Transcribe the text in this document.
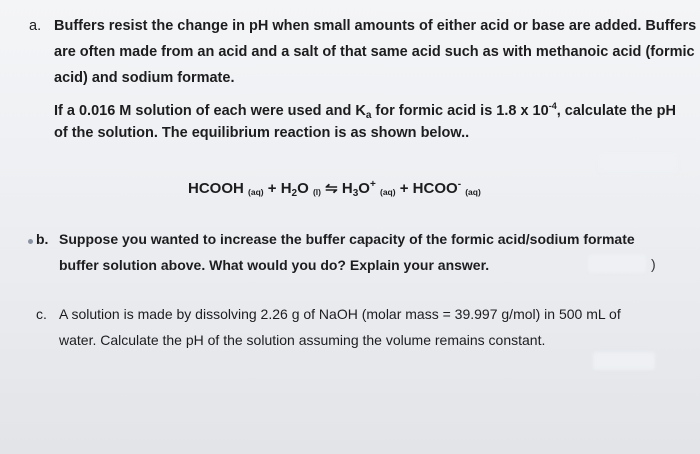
a. Buffers resist the change in pH when small amounts of either acid or base are added. Buffers
are often made from an acid and a salt of that same acid such as with methanoic acid (formic
acid) and sodium formate.
If a 0.016 M solution of each were used and $K_a$ for formic acid is 1.8 x $10^{-4}$, calculate the pH
of the solution. The equilibrium reaction is as shown below..
HCOOH $(aq) + H_2O$ (l) ⇋ $H_3O^+$ (aq) + HCOO- (aq)
b. Suppose you wanted to increase the buffer capacity of the formic acid/sodium formate
buffer solution above. What would you do? Explain your answer.	)
c. A solution is made by dissolving 2.26 g of NaOH (molar mass = 39.997 g/mol) in 500 mL of
water. Calculate the pH of the solution assuming the volume remains constant.
